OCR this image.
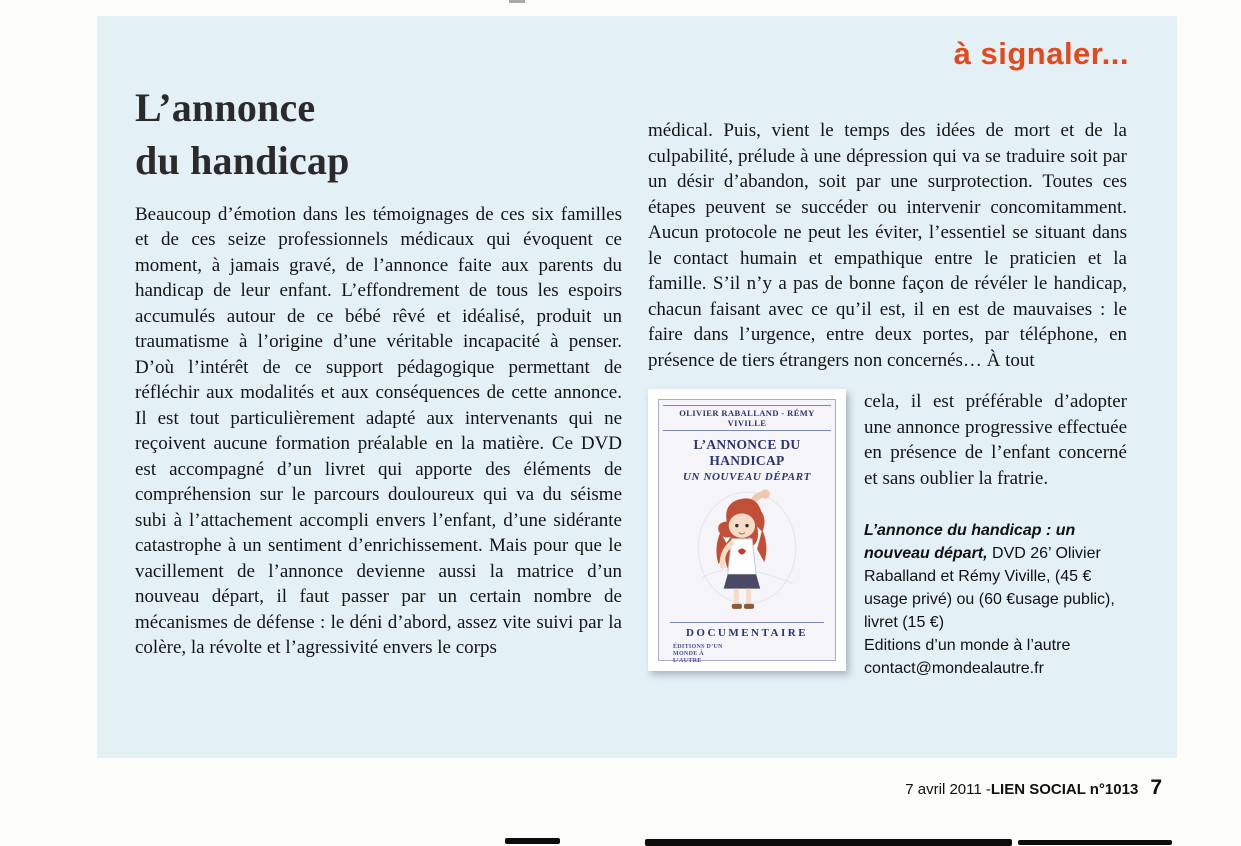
à signaler...
L’annonce
du handicap

Beaucoup d’émotion dans les témoignages de ces six familles et de ces seize professionnels médicaux qui évoquent ce moment, à jamais gravé, de l’annonce faite aux parents du handicap de leur enfant. L’effondrement de tous les espoirs accumulés autour de ce bébé rêvé et idéalisé, produit un traumatisme à l’origine d’une véritable incapacité à penser. D’où l’intérêt de ce support pédagogique permettant de réfléchir aux modalités et aux conséquences de cette annonce. Il est tout particulièrement adapté aux intervenants qui ne reçoivent aucune formation préalable en la matière. Ce DVD est accompagné d’un livret qui apporte des éléments de compréhension sur le parcours douloureux qui va du séisme subi à l’attachement accompli envers l’enfant, d’une sidérante catastrophe à un sentiment d’enrichissement. Mais pour que le vacillement de l’annonce devienne aussi la matrice d’un nouveau départ, il faut passer par un certain nombre de mécanismes de défense : le déni d’abord, assez vite suivi par la colère, la révolte et l’agressivité envers le corps

médical. Puis, vient le temps des idées de mort et de la culpabilité, prélude à une dépression qui va se traduire soit par un désir d’abandon, soit par une surprotection. Toutes ces étapes peuvent se succéder ou intervenir concomitamment. Aucun protocole ne peut les éviter, l’essentiel se situant dans le contact humain et empathique entre le praticien et la famille. S’il n’y a pas de bonne façon de révéler le handicap, chacun faisant avec ce qu’il est, il en est de mauvaises : le faire dans l’urgence, entre deux portes, par téléphone, en présence de tiers étrangers non concernés… À tout

OLIVIER RABALLAND - RÉMY VIVILLE
L’ANNONCE DU HANDICAP
UN NOUVEAU DÉPART
DOCUMENTAIRE
ÉDITIONS D’UN MONDE À L’AUTRE

cela, il est préférable d’adopter une annonce progressive effectuée en présence de l’enfant concerné et sans oublier la fratrie.

L’annonce du handicap : un nouveau départ, DVD 26’ Olivier Raballand et Rémy Viville, (45 € usage privé) ou (60 €usage public), livret (15 €)
Editions d’un monde à l’autre
contact@mondealautre.fr
7 avril 2011 - LIEN SOCIAL n°1013 7
